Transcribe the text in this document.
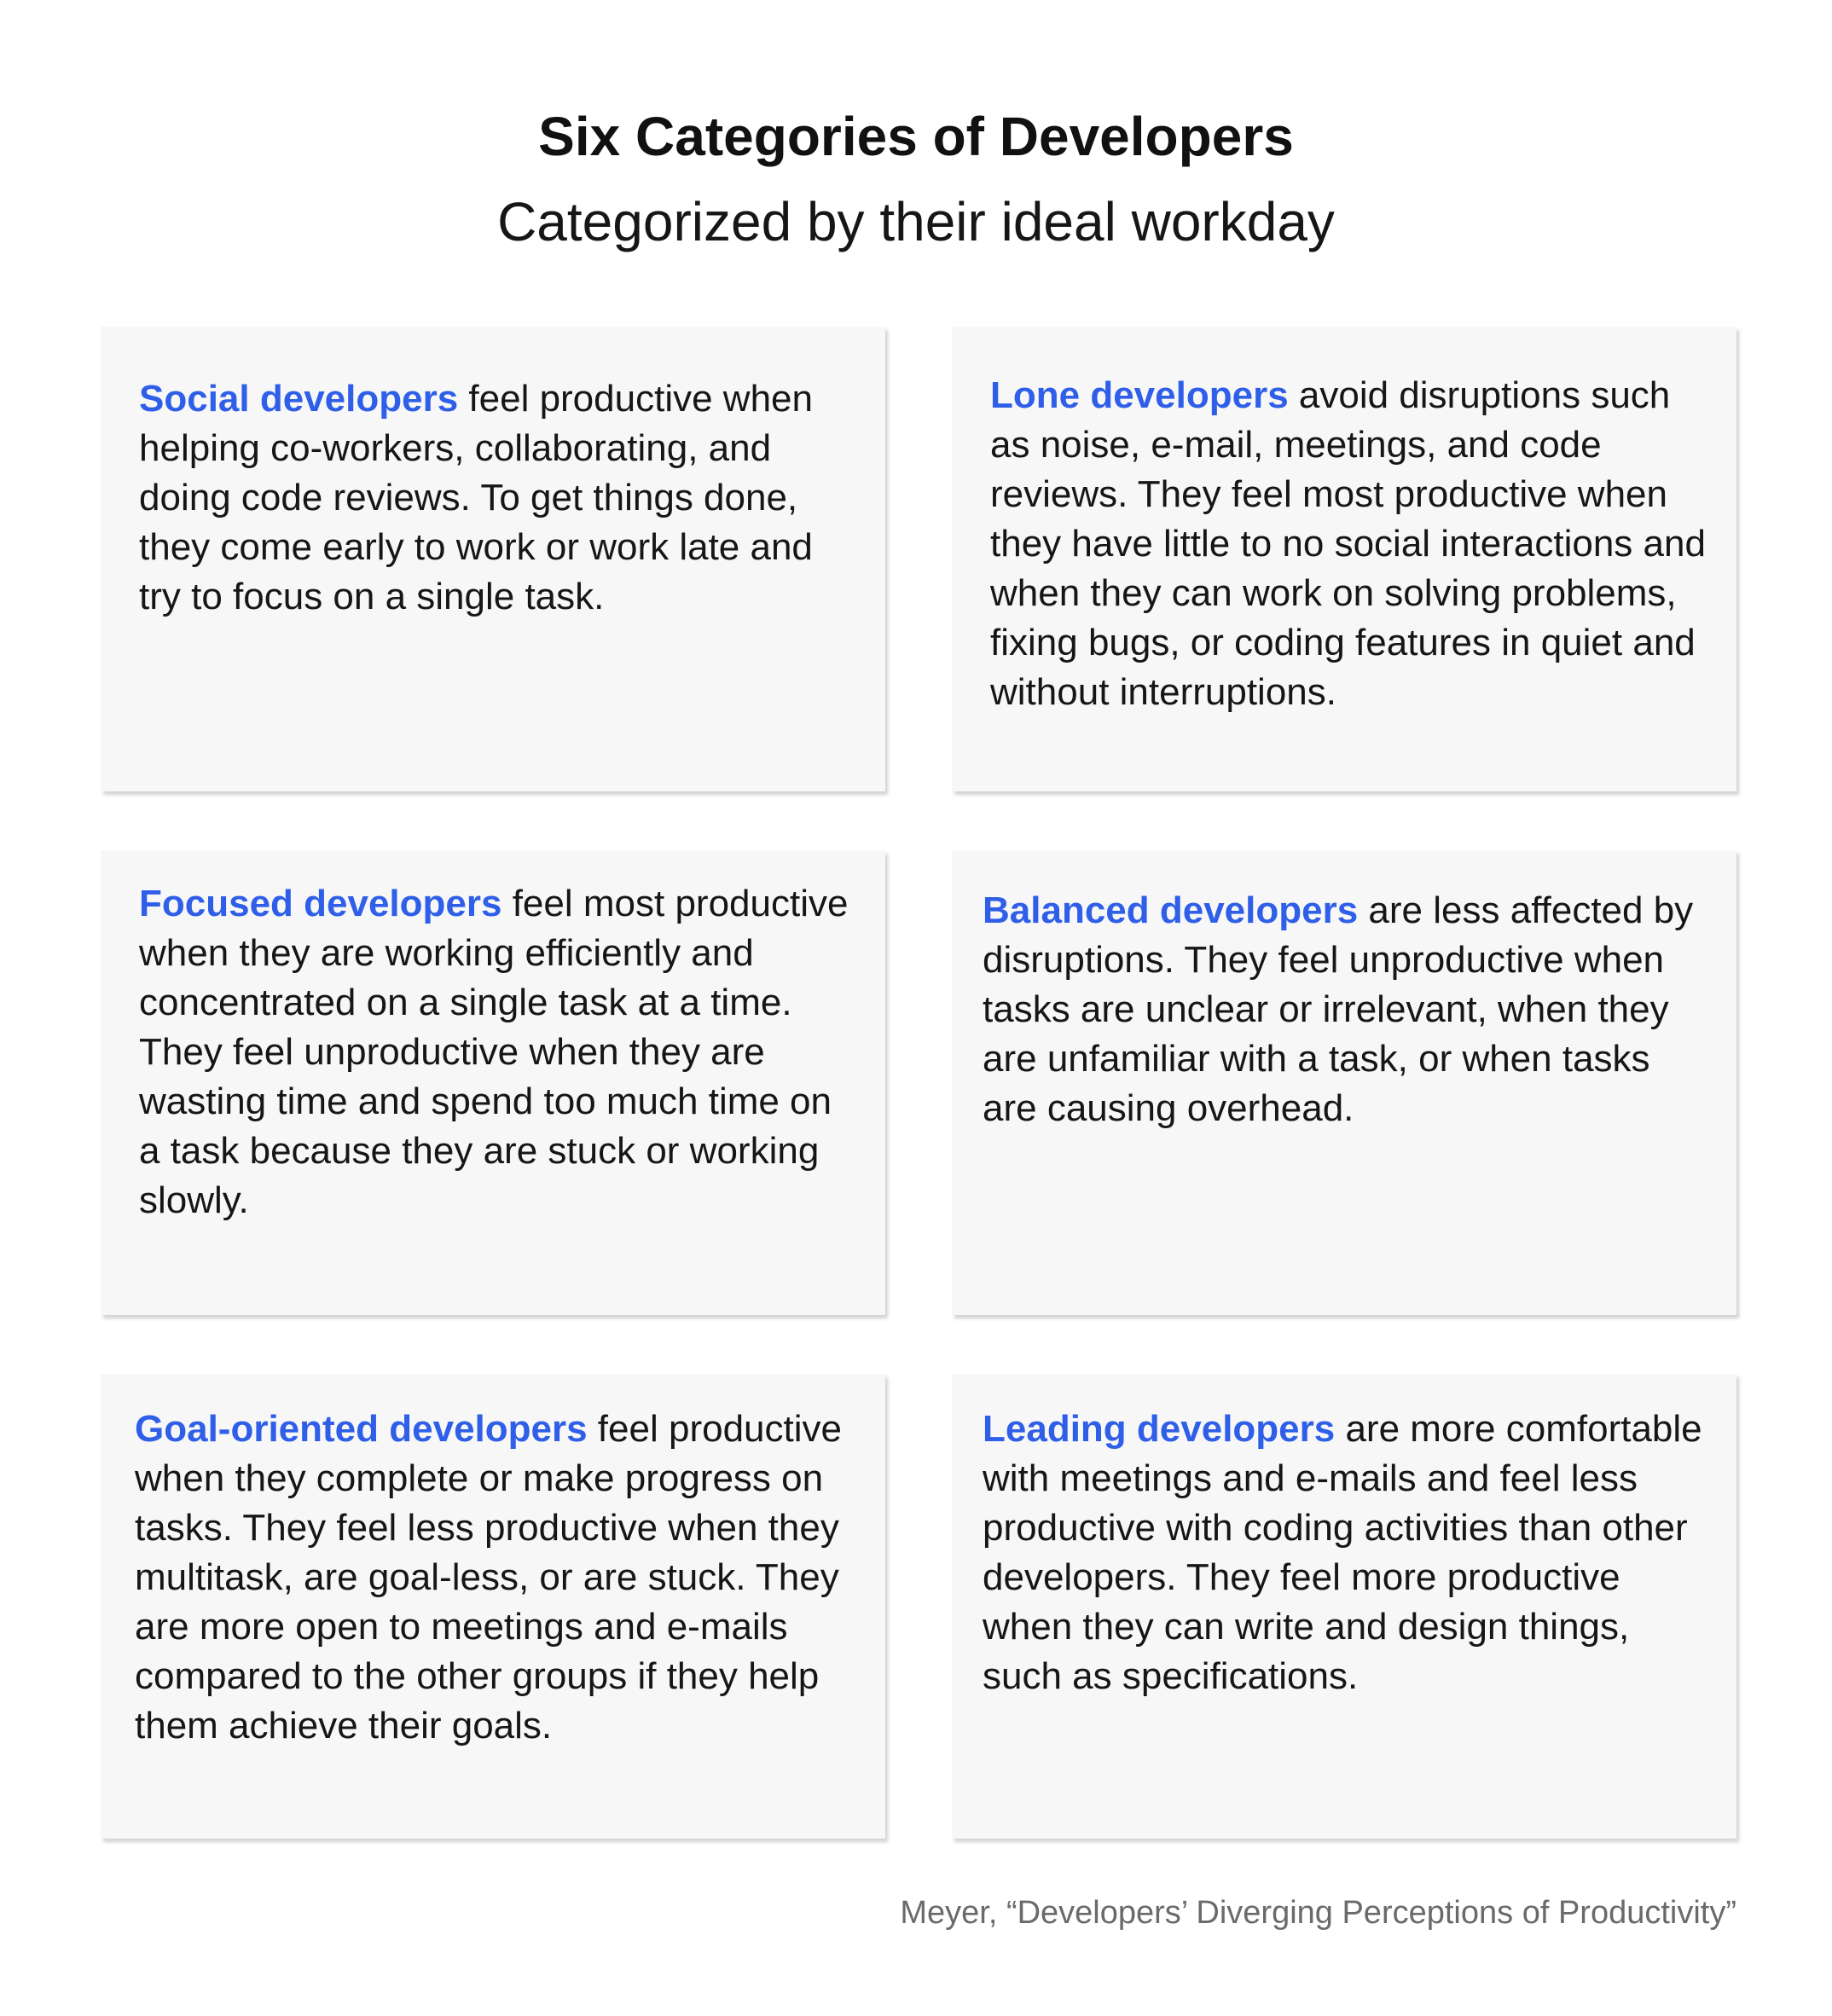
Six Categories of Developers
Categorized by their ideal workday

Social developers feel productive when helping co-workers, collaborating, and doing code reviews. To get things done, they come early to work or work late and try to focus on a single task.

Lone developers avoid disruptions such as noise, e-mail, meetings, and code reviews. They feel most productive when they have little to no social interactions and when they can work on solving problems, fixing bugs, or coding features in quiet and without interruptions.

Focused developers feel most productive when they are working efficiently and concentrated on a single task at a time. They feel unproductive when they are wasting time and spend too much time on a task because they are stuck or working slowly.

Balanced developers are less affected by disruptions. They feel unproductive when tasks are unclear or irrelevant, when they are unfamiliar with a task, or when tasks are causing overhead.

Goal-oriented developers feel productive when they complete or make progress on tasks. They feel less productive when they multitask, are goal-less, or are stuck. They are more open to meetings and e-mails compared to the other groups if they help them achieve their goals.

Leading developers are more comfortable with meetings and e-mails and feel less productive with coding activities than other developers. They feel more productive when they can write and design things, such as specifications.

Meyer, “Developers’ Diverging Perceptions of Productivity”
